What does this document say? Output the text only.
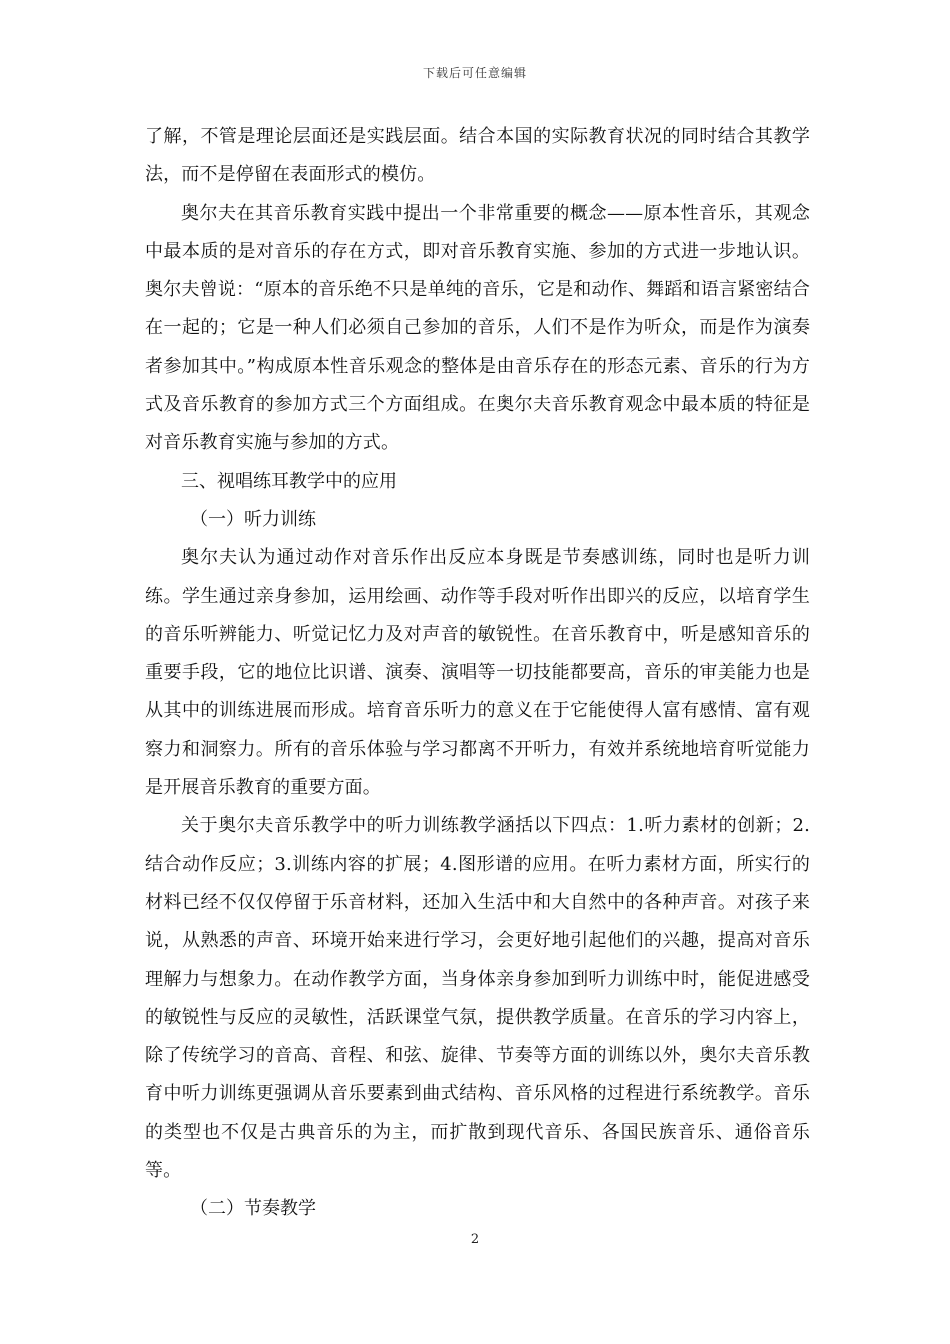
下载后可任意编辑

了解，不管是理论层面还是实践层面。结合本国的实际教育状况的同时结合其教学法，而不是停留在表面形式的模仿。

奥尔夫在其音乐教育实践中提出一个非常重要的概念——原本性音乐，其观念中最本质的是对音乐的存在方式，即对音乐教育实施、参加的方式进一步地认识。奥尔夫曾说：“原本的音乐绝不只是单纯的音乐，它是和动作、舞蹈和语言紧密结合在一起的；它是一种人们必须自己参加的音乐，人们不是作为听众，而是作为演奏者参加其中。”构成原本性音乐观念的整体是由音乐存在的形态元素、音乐的行为方式及音乐教育的参加方式三个方面组成。在奥尔夫音乐教育观念中最本质的特征是对音乐教育实施与参加的方式。

三、视唱练耳教学中的应用

（一）听力训练

奥尔夫认为通过动作对音乐作出反应本身既是节奏感训练，同时也是听力训练。学生通过亲身参加，运用绘画、动作等手段对听作出即兴的反应，以培育学生的音乐听辨能力、听觉记忆力及对声音的敏锐性。在音乐教育中，听是感知音乐的重要手段，它的地位比识谱、演奏、演唱等一切技能都要高，音乐的审美能力也是从其中的训练进展而形成。培育音乐听力的意义在于它能使得人富有感情、富有观察力和洞察力。所有的音乐体验与学习都离不开听力，有效并系统地培育听觉能力是开展音乐教育的重要方面。

关于奥尔夫音乐教学中的听力训练教学涵括以下四点：1.听力素材的创新；2.结合动作反应；3.训练内容的扩展；4.图形谱的应用。在听力素材方面，所实行的材料已经不仅仅停留于乐音材料，还加入生活中和大自然中的各种声音。对孩子来说，从熟悉的声音、环境开始来进行学习，会更好地引起他们的兴趣，提高对音乐理解力与想象力。在动作教学方面，当身体亲身参加到听力训练中时，能促进感受的敏锐性与反应的灵敏性，活跃课堂气氛，提供教学质量。在音乐的学习内容上，除了传统学习的音高、音程、和弦、旋律、节奏等方面的训练以外，奥尔夫音乐教育中听力训练更强调从音乐要素到曲式结构、音乐风格的过程进行系统教学。音乐的类型也不仅是古典音乐的为主，而扩散到现代音乐、各国民族音乐、通俗音乐等。

（二）节奏教学

2
